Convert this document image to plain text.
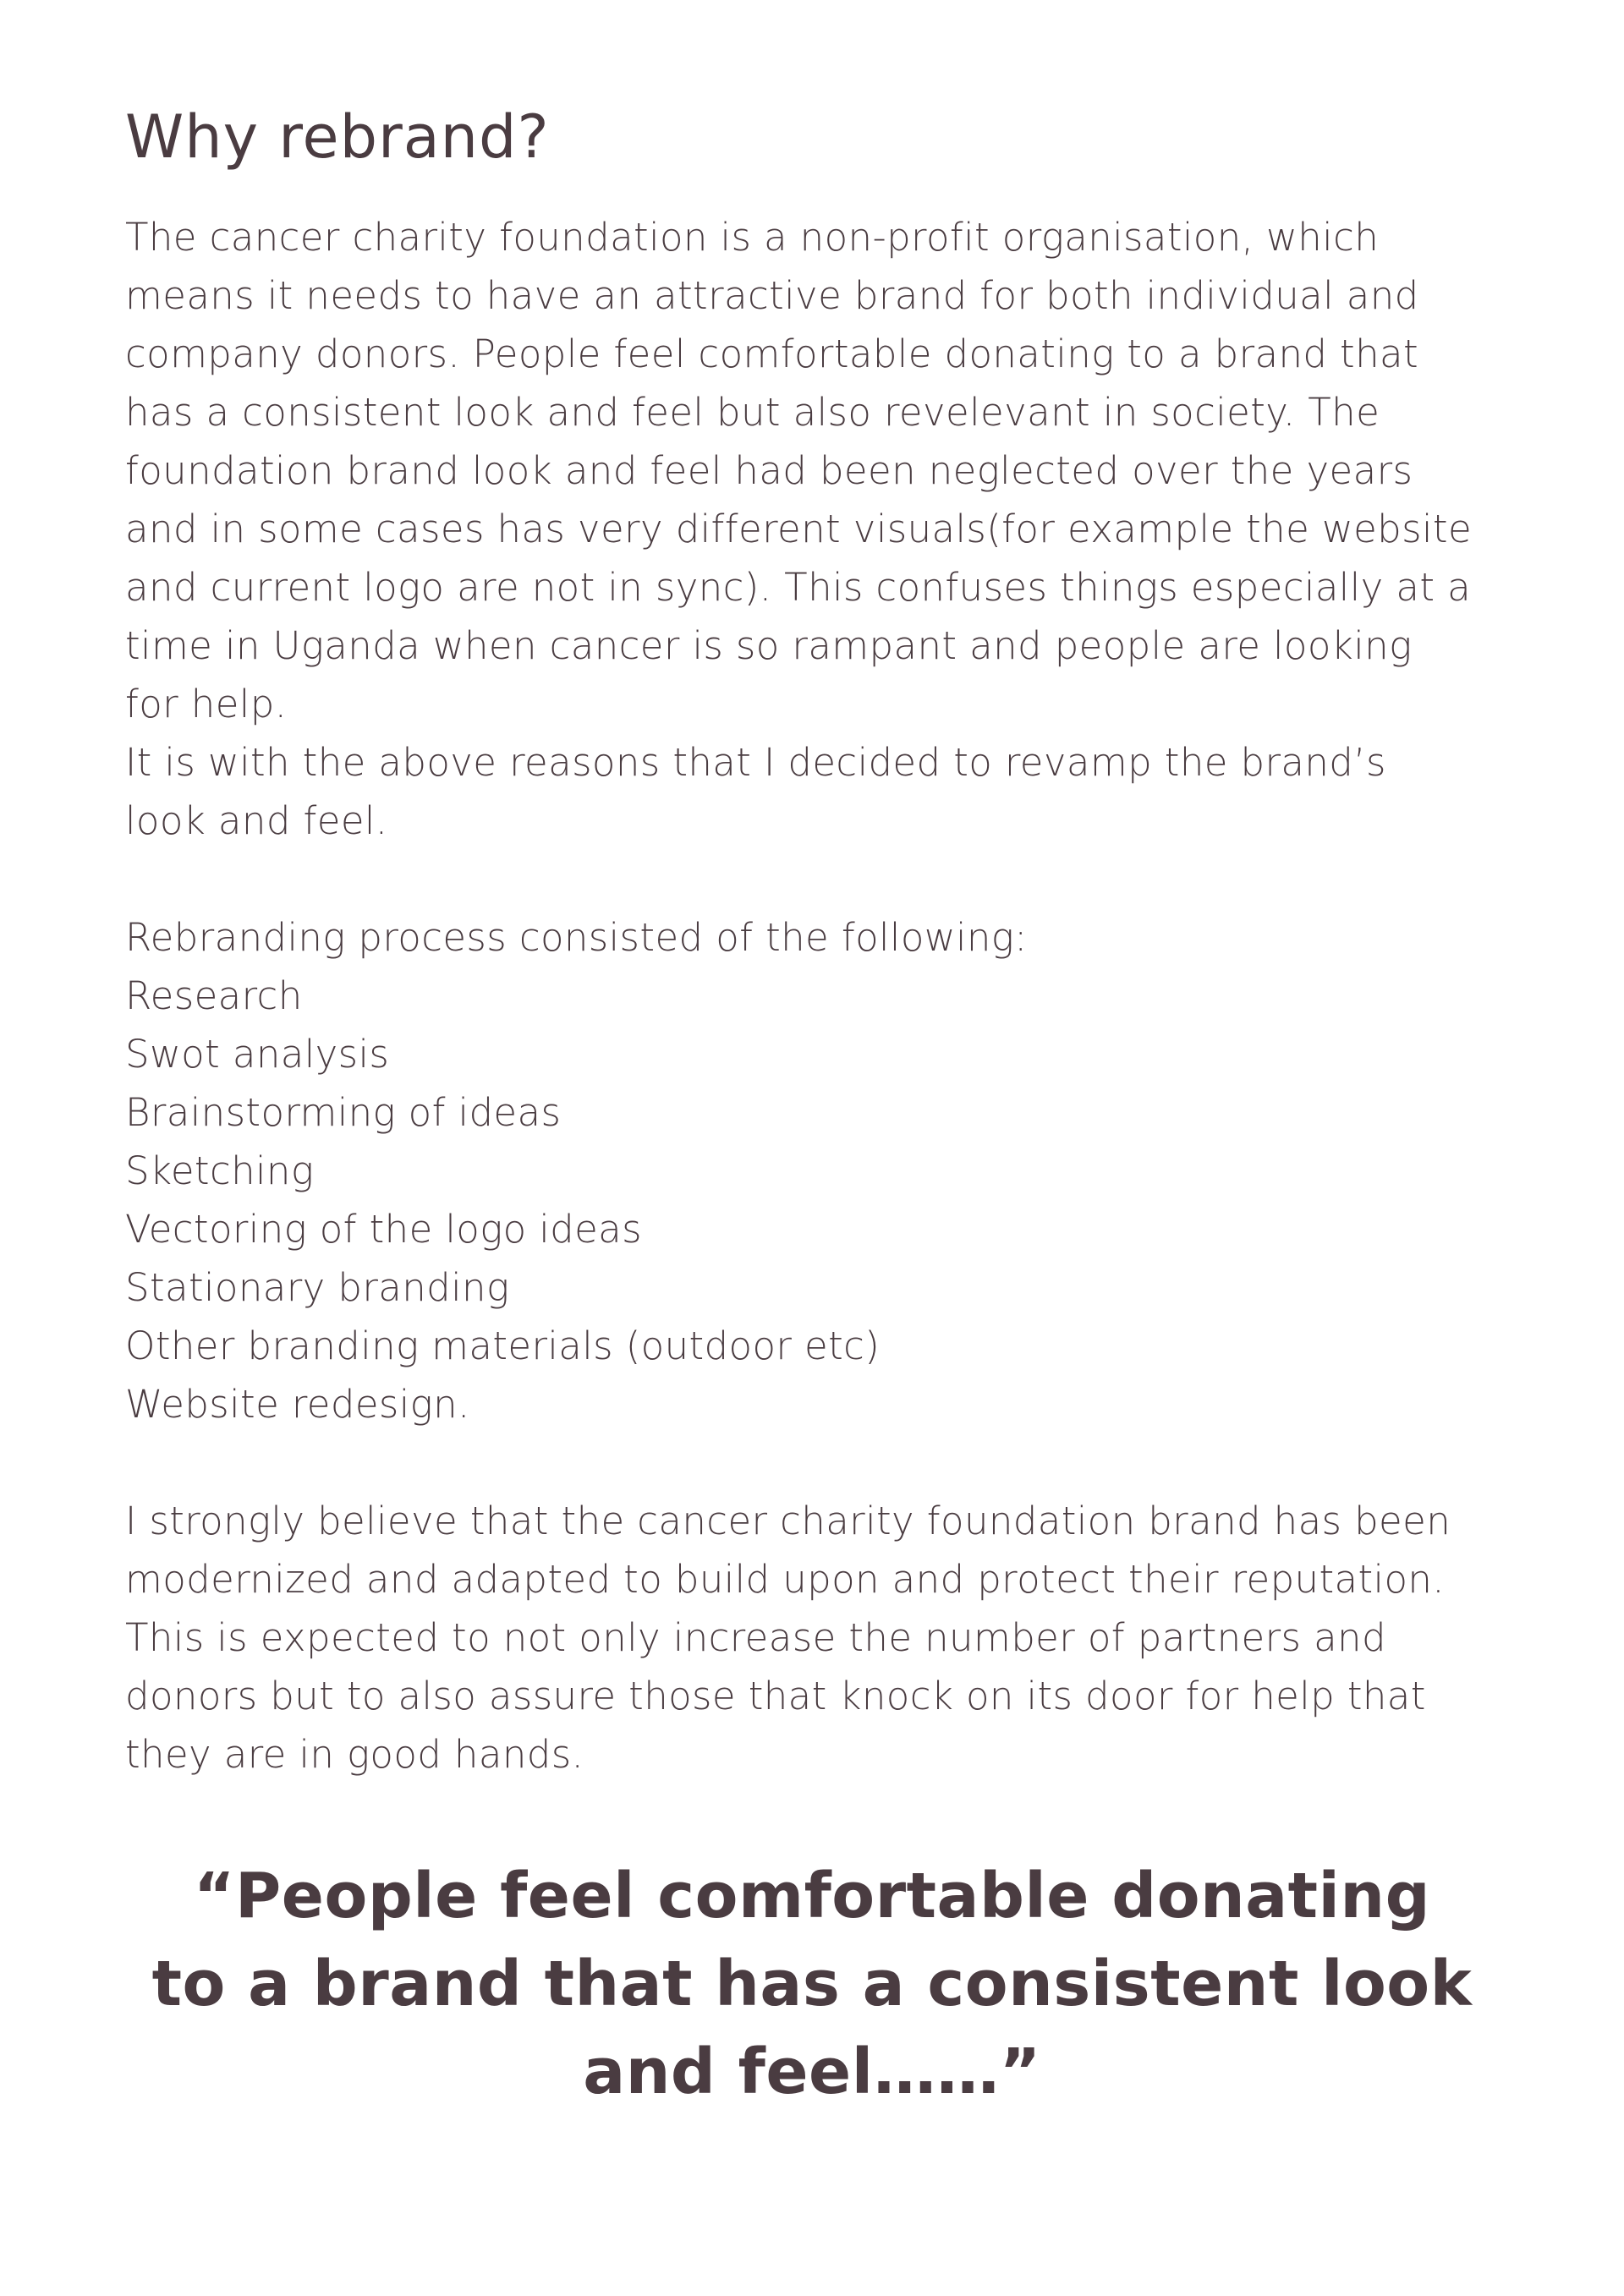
Why rebrand?
The cancer charity foundation is a non-profit organisation, which
means it needs to have an attractive brand for both individual and
company donors. People feel comfortable donating to a brand that
has a consistent look and feel but also revelevant in society. The
foundation brand look and feel had been neglected over the years
and in some cases has very different visuals(for example the website
and current logo are not in sync). This confuses things especially at a
time in Uganda when cancer is so rampant and people are looking
for help.
It is with the above reasons that I decided to revamp the brand’s
look and feel.
Rebranding process consisted of the following:
Research
Swot analysis
Brainstorming of ideas
Sketching
Vectoring of the logo ideas
Stationary branding
Other branding materials (outdoor etc)
Website redesign.
I strongly believe that the cancer charity foundation brand has been
modernized and adapted to build upon and protect their reputation.
This is expected to not only increase the number of partners and
donors but to also assure those that knock on its door for help that
they are in good hands.
“People feel comfortable donating
to a brand that has a consistent look
and feel……”
